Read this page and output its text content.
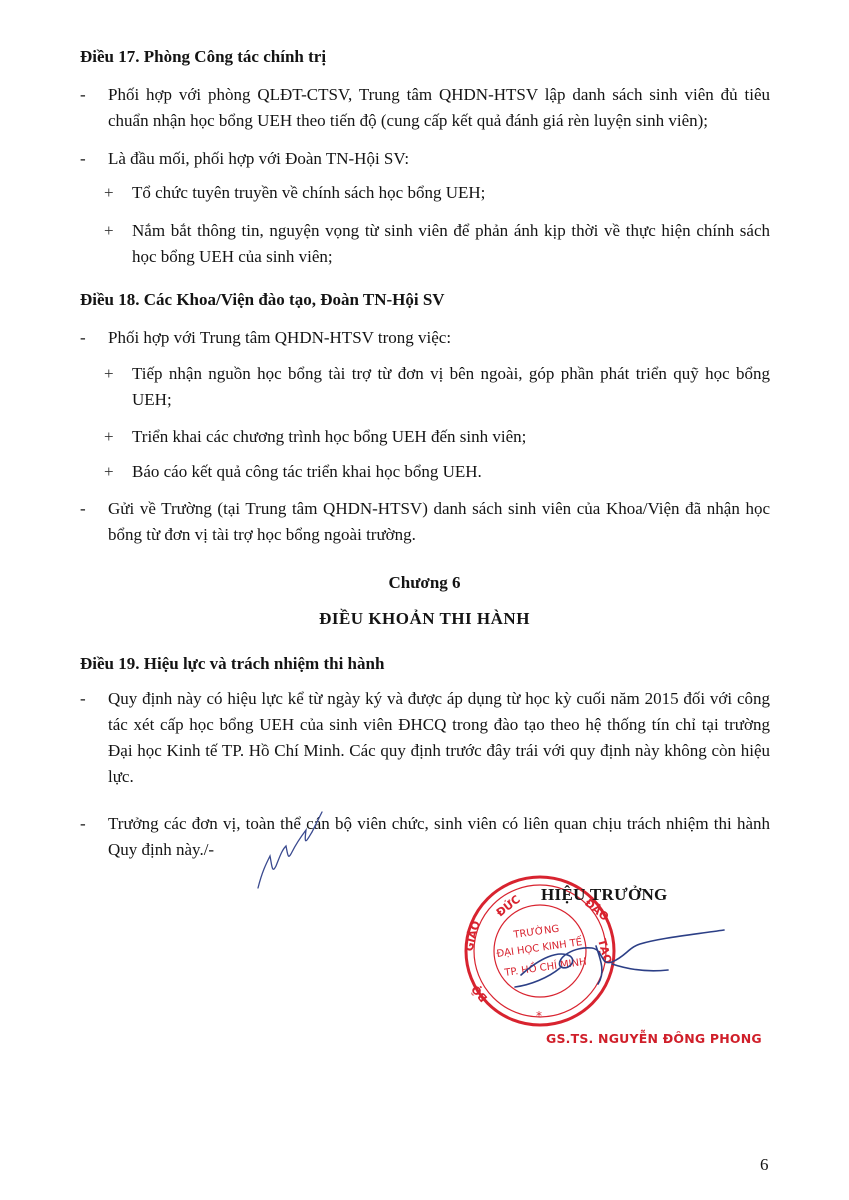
Điều 17. Phòng Công tác chính trị
-	Phối hợp với phòng QLĐT-CTSV, Trung tâm QHDN-HTSV lập danh sách sinh viên đủ tiêu chuẩn nhận học bổng UEH theo tiến độ (cung cấp kết quả đánh giá rèn luyện sinh viên);
-	Là đầu mối, phối hợp với Đoàn TN-Hội SV:
+	Tổ chức tuyên truyền về chính sách học bổng UEH;
+	Nắm bắt thông tin, nguyện vọng từ sinh viên để phản ánh kịp thời về thực hiện chính sách học bổng UEH của sinh viên;
Điều 18. Các Khoa/Viện đào tạo, Đoàn TN-Hội SV
-	Phối hợp với Trung tâm QHDN-HTSV trong việc:
+	Tiếp nhận nguồn học bổng tài trợ từ đơn vị bên ngoài, góp phần phát triển quỹ học bổng UEH;
+	Triển khai các chương trình học bổng UEH đến sinh viên;
+	Báo cáo kết quả công tác triển khai học bổng UEH.
-	Gửi về Trường (tại Trung tâm QHDN-HTSV) danh sách sinh viên của Khoa/Viện đã nhận học bổng từ đơn vị tài trợ học bổng ngoài trường.
Chương 6
ĐIỀU KHOẢN THI HÀNH
Điều 19. Hiệu lực và trách nhiệm thi hành
-	Quy định này có hiệu lực kể từ ngày ký và được áp dụng từ học kỳ cuối năm 2015 đối với công tác xét cấp học bổng UEH của sinh viên ĐHCQ trong đào tạo theo hệ thống tín chỉ tại trường Đại học Kinh tế TP. Hồ Chí Minh. Các quy định trước đây trái với quy định này không còn hiệu lực.
-	Trưởng các đơn vị, toàn thể cán bộ viên chức, sinh viên có liên quan chịu trách nhiệm thi hành Quy định này./-
ĐỨC
GIÁO
BỘ
ĐÀO
TẠO
TRƯỜNG
ĐẠI HỌC KINH TẾ
TP. HỒ CHÍ MINH
*
HIỆU TRƯỞNG
GS.TS. NGUYỄN ĐÔNG PHONG
6
